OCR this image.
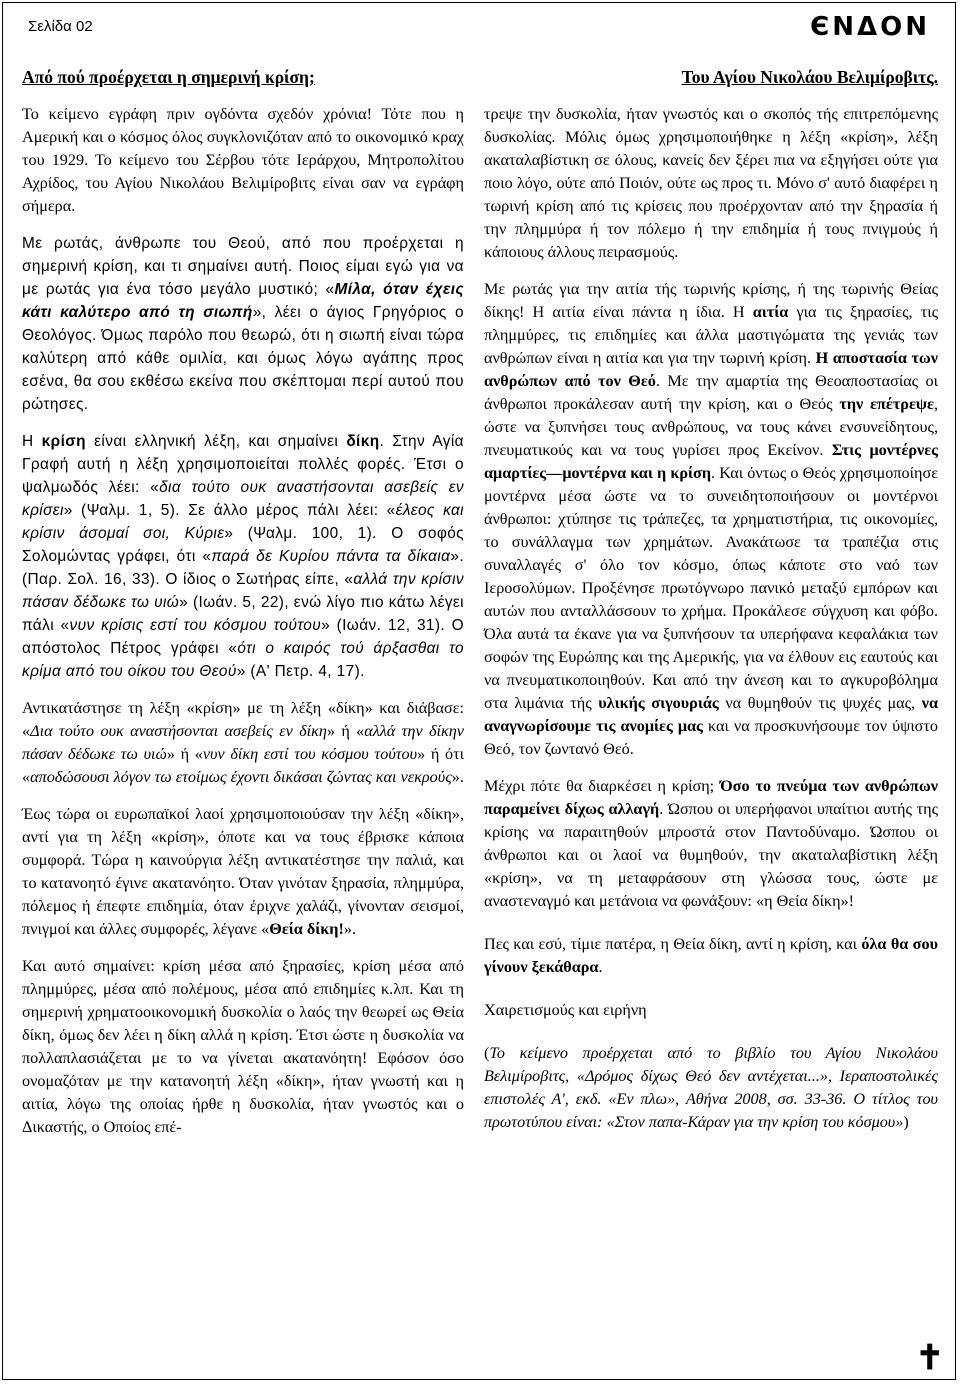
Σελίδα 02	ЄΝΔΟΝ

Από πού προέρχεται η σημερινή κρίση;

Το κείμενο εγράφη πριν ογδόντα σχεδόν χρόνια! Τότε που η Αμερική και ο κόσμος όλος συγκλονιζόταν από το οικονομικό κραχ του 1929. Το κείμενο του Σέρβου τότε Ιεράρχου, Μητροπολίτου Αχρίδος, του Αγίου Νικολάου Βελιμίροβιτς είναι σαν να εγράφη σήμερα.

Με ρωτάς, άνθρωπε του Θεού, από που προέρχεται η σημερινή κρίση, και τι σημαίνει αυτή. Ποιος είμαι εγώ για να με ρωτάς για ένα τόσο μεγάλο μυστικό; «Μίλα, όταν έχεις κάτι καλύτερο από τη σιωπή», λέει ο άγιος Γρηγόριος ο Θεολόγος. Όμως παρόλο που θεωρώ, ότι η σιωπή είναι τώρα καλύτερη από κάθε ομιλία, και όμως λόγω αγάπης προς εσένα, θα σου εκθέσω εκείνα που σκέπτομαι περί αυτού που ρώτησες.

Η κρίση είναι ελληνική λέξη, και σημαίνει δίκη. Στην Αγία Γραφή αυτή η λέξη χρησιμοποιείται πολλές φορές. Έτσι ο ψαλμωδός λέει: «δια τούτο ουκ αναστήσονται ασεβείς εν κρίσει» (Ψαλμ. 1, 5). Σε άλλο μέρος πάλι λέει: «έλεος και κρίσιν άσομαί σοι, Κύριε» (Ψαλμ. 100, 1). Ο σοφός Σολομώντας γράφει, ότι «παρά δε Κυρίου πάντα τα δίκαια». (Παρ. Σολ. 16, 33). Ο ίδιος ο Σωτήρας είπε, «αλλά την κρίσιν πάσαν δέδωκε τω υιώ» (Ιωάν. 5, 22), ενώ λίγο πιο κάτω λέγει πάλι «νυν κρίσις εστί του κόσμου τούτου» (Ιωάν. 12, 31). Ο απόστολος Πέτρος γράφει «ότι ο καιρός τού άρξασθαι το κρίμα από του οίκου του Θεού» (Α' Πετρ. 4, 17).

Αντικατάστησε τη λέξη «κρίση» με τη λέξη «δίκη» και διάβασε: «Δια τούτο ουκ αναστήσονται ασεβείς εν δίκη» ή «αλλά την δίκην πάσαν δέδωκε τω υιώ» ή «νυν δίκη εστί του κόσμου τούτου» ή ότι «αποδώσουσι λόγον τω ετοίμως έχοντι δικάσαι ζώντας και νεκρούς».

Έως τώρα οι ευρωπαϊκοί λαοί χρησιμοποιούσαν την λέξη «δίκη», αντί για τη λέξη «κρίση», όποτε και να τους έβρισκε κάποια συμφορά. Τώρα η καινούργια λέξη αντικατέστησε την παλιά, και το κατανοητό έγινε ακατανόητο. Όταν γινόταν ξηρασία, πλημμύρα, πόλεμος ή έπεφτε επιδημία, όταν έριχνε χαλάζι, γίνονταν σεισμοί, πνιγμοί και άλλες συμφορές, λέγανε «Θεία δίκη!».

Και αυτό σημαίνει: κρίση μέσα από ξηρασίες, κρίση μέσα από πλημμύρες, μέσα από πολέμους, μέσα από επιδημίες κ.λπ. Και τη σημερινή χρηματοοικονομική δυσκολία ο λαός την θεωρεί ως Θεία δίκη, όμως δεν λέει η δίκη αλλά η κρίση. Έτσι ώστε η δυσκολία να πολλαπλασιάζεται με το να γίνεται ακατανόητη! Εφόσον όσο ονομαζόταν με την κατανοητή λέξη «δίκη», ήταν γνωστή και η αιτία, λόγω της οποίας ήρθε η δυσκολία, ήταν γνωστός και ο Δικαστής, ο Οποίος επέ-

Του Αγίου Νικολάου Βελιμίροβιτς.

τρεψε την δυσκολία, ήταν γνωστός και ο σκοπός τής επιτρεπόμενης δυσκολίας. Μόλις όμως χρησιμοποιήθηκε η λέξη «κρίση», λέξη ακαταλαβίστικη σε όλους, κανείς δεν ξέρει πια να εξηγήσει ούτε για ποιο λόγο, ούτε από Ποιόν, ούτε ως προς τι. Μόνο σ' αυτό διαφέρει η τωρινή κρίση από τις κρίσεις που προέρχονταν από την ξηρασία ή την πλημμύρα ή τον πόλεμο ή την επιδημία ή τους πνιγμούς ή κάποιους άλλους πειρασμούς.

Με ρωτάς για την αιτία τής τωρινής κρίσης, ή της τωρινής Θείας δίκης! Η αιτία είναι πάντα η ίδια. Η αιτία για τις ξηρασίες, τις πλημμύρες, τις επιδημίες και άλλα μαστιγώματα της γενιάς των ανθρώπων είναι η αιτία και για την τωρινή κρίση. Η αποστασία των ανθρώπων από τον Θεό. Με την αμαρτία της Θεοαποστασίας οι άνθρωποι προκάλεσαν αυτή την κρίση, και ο Θεός την επέτρεψε, ώστε να ξυπνήσει τους ανθρώπους, να τους κάνει ενσυνείδητους, πνευματικούς και να τους γυρίσει προς Εκείνον. Στις μοντέρνες αμαρτίες—μοντέρνα και η κρίση. Και όντως ο Θεός χρησιμοποίησε μοντέρνα μέσα ώστε να το συνειδητοποιήσουν οι μοντέρνοι άνθρωποι: χτύπησε τις τράπεζες, τα χρηματιστήρια, τις οικονομίες, το συνάλλαγμα των χρημάτων. Ανακάτωσε τα τραπέζια στις συναλλαγές σ' όλο τον κόσμο, όπως κάποτε στο ναό των Ιεροσολύμων. Προξένησε πρωτόγνωρο πανικό μεταξύ εμπόρων και αυτών που ανταλλάσσουν το χρήμα. Προκάλεσε σύγχυση και φόβο. Όλα αυτά τα έκανε για να ξυπνήσουν τα υπερήφανα κεφαλάκια των σοφών της Ευρώπης και της Αμερικής, για να έλθουν εις εαυτούς και να πνευματικοποιηθούν. Και από την άνεση και το αγκυροβόλημα στα λιμάνια τής υλικής σιγουριάς να θυμηθούν τις ψυχές μας, να αναγνωρίσουμε τις ανομίες μας και να προσκυνήσουμε τον ύψιστο Θεό, τον ζωντανό Θεό.

Μέχρι πότε θα διαρκέσει η κρίση; Όσο το πνεύμα των ανθρώπων παραμείνει δίχως αλλαγή. Ώσπου οι υπερήφανοι υπαίτιοι αυτής της κρίσης να παραιτηθούν μπροστά στον Παντοδύναμο. Ώσπου οι άνθρωποι και οι λαοί να θυμηθούν, την ακαταλαβίστικη λέξη «κρίση», να τη μεταφράσουν στη γλώσσα τους, ώστε με αναστεναγμό και μετάνοια να φωνάξουν: «η Θεία δίκη»!

Πες και εσύ, τίμιε πατέρα, η Θεία δίκη, αντί η κρίση, και όλα θα σου γίνουν ξεκάθαρα.

Χαιρετισμούς και ειρήνη

(Το κείμενο προέρχεται από το βιβλίο του Αγίου Νικολάου Βελιμίροβιτς, «Δρόμος δίχως Θεό δεν αντέχεται...», Ιεραποστολικές επιστολές Α', εκδ. «Εν πλω», Αθήνα 2008, σσ. 33-36. Ο τίτλος του πρωτοτύπου είναι: «Στον παπα-Κάραν για την κρίση του κόσμου»)

✝
